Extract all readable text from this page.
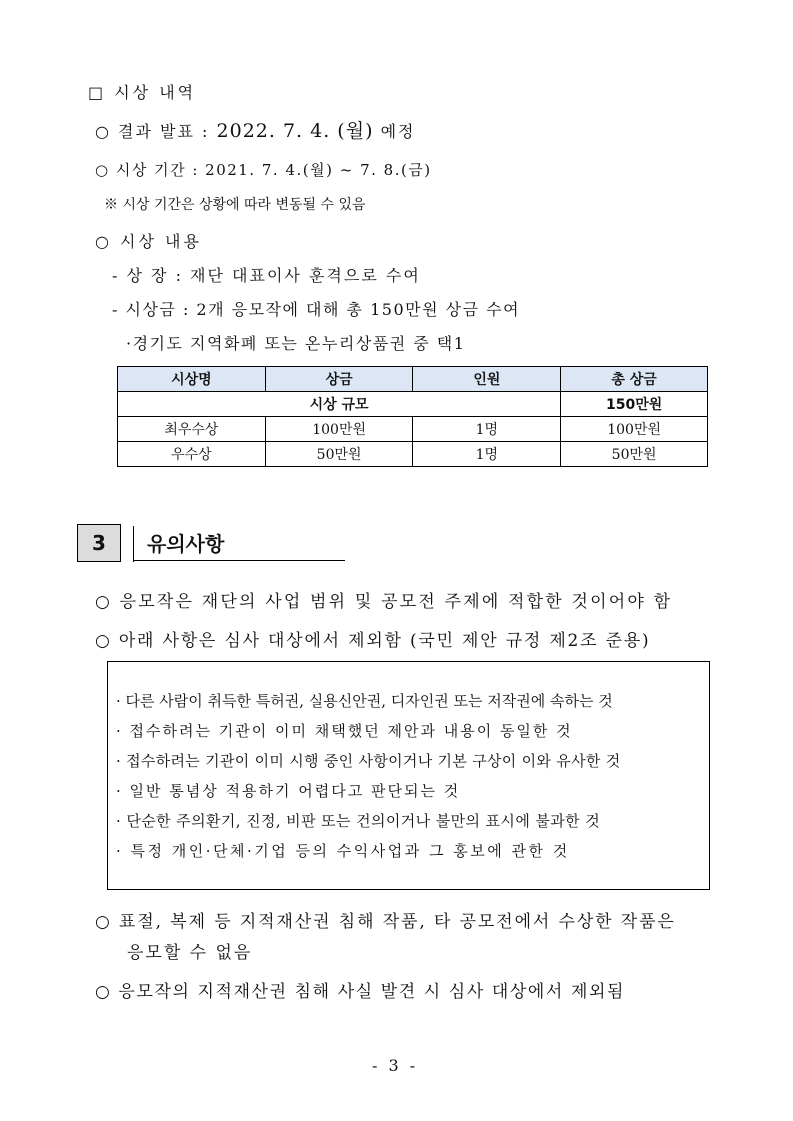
□ 시상 내역
○ 결과 발표 : 2022. 7. 4. (월) 예정
○ 시상 기간 : 2021. 7. 4.(월) ~ 7. 8.(금)
※ 시상 기간은 상황에 따라 변동될 수 있음
○ 시상 내용
- 상 장 : 재단 대표이사 훈격으로 수여
- 시상금 : 2개 응모작에 대해 총 150만원 상금 수여
·경기도 지역화폐 또는 온누리상품권 중 택1
시상명	상금	인원	총 상금
시상 규모			150만원
최우수상	100만원	1명	100만원
우수상	50만원	1명	50만원
3	유의사항
○ 응모작은 재단의 사업 범위 및 공모전 주제에 적합한 것이어야 함
○ 아래 사항은 심사 대상에서 제외함 (국민 제안 규정 제2조 준용)
· 다른 사람이 취득한 특허권, 실용신안권, 디자인권 또는 저작권에 속하는 것
· 접수하려는 기관이 이미 채택했던 제안과 내용이 동일한 것
· 접수하려는 기관이 이미 시행 중인 사항이거나 기본 구상이 이와 유사한 것
· 일반 통념상 적용하기 어렵다고 판단되는 것
· 단순한 주의환기, 진정, 비판 또는 건의이거나 불만의 표시에 불과한 것
· 특정 개인·단체·기업 등의 수익사업과 그 홍보에 관한 것
○ 표절, 복제 등 지적재산권 침해 작품, 타 공모전에서 수상한 작품은
응모할 수 없음
○ 응모작의 지적재산권 침해 사실 발견 시 심사 대상에서 제외됨
- 3 -
